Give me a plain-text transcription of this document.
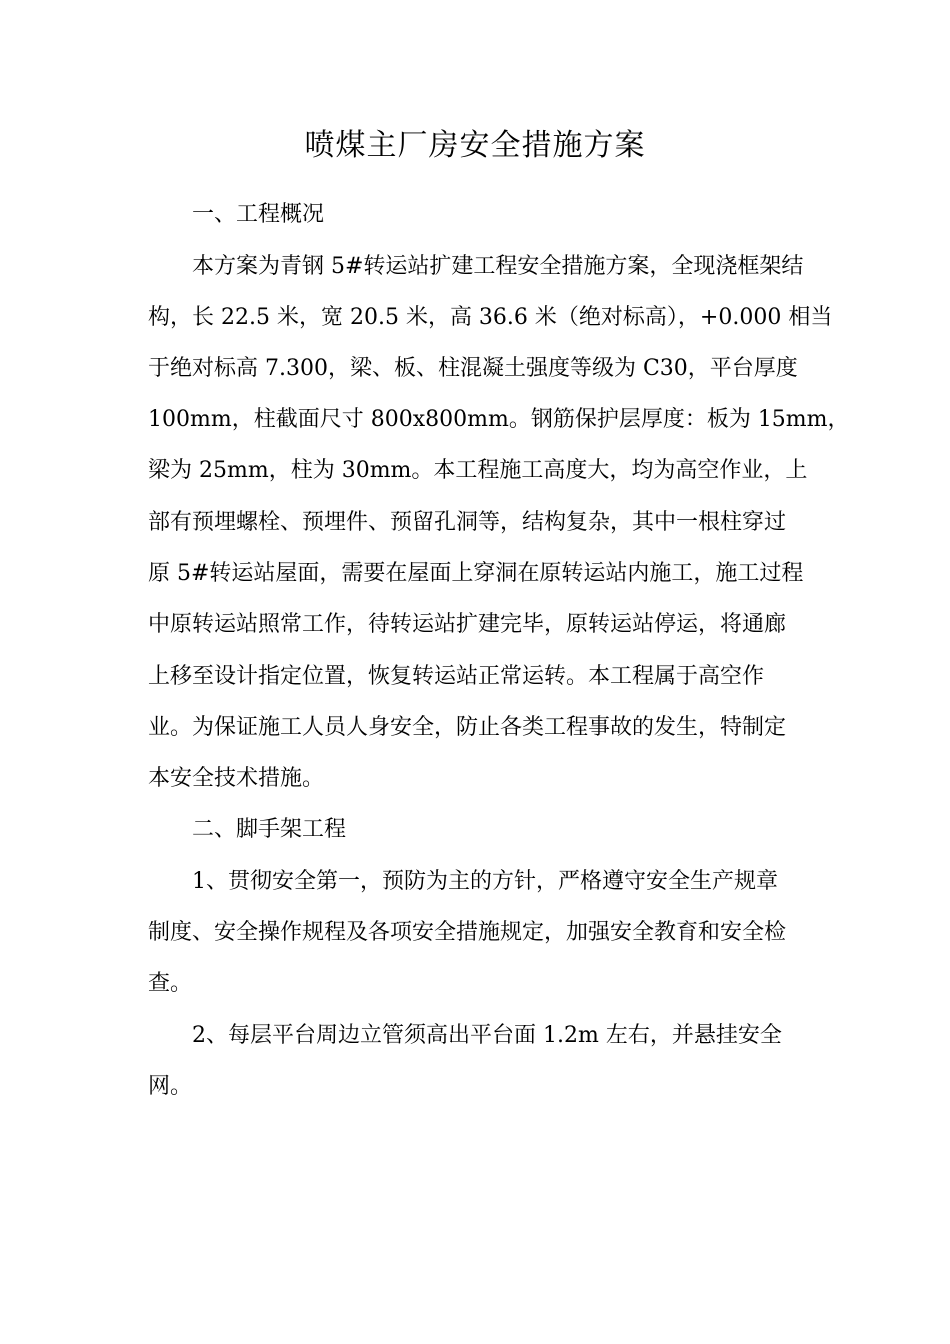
喷煤主厂房安全措施方案

一、工程概况

本方案为青钢 5#转运站扩建工程安全措施方案，全现浇框架结

构，长 22.5 米，宽 20.5 米，高 36.6 米（绝对标高），+0.000 相当

于绝对标高 7.300，梁、板、柱混凝土强度等级为 C30，平台厚度

100mm，柱截面尺寸 800x800mm。钢筋保护层厚度：板为 15mm，

梁为 25mm，柱为 30mm。本工程施工高度大，均为高空作业，上

部有预埋螺栓、预埋件、预留孔洞等，结构复杂，其中一根柱穿过

原 5#转运站屋面，需要在屋面上穿洞在原转运站内施工，施工过程

中原转运站照常工作，待转运站扩建完毕，原转运站停运，将通廊

上移至设计指定位置，恢复转运站正常运转。本工程属于高空作

业。为保证施工人员人身安全，防止各类工程事故的发生，特制定

本安全技术措施。

二、脚手架工程

1、贯彻安全第一，预防为主的方针，严格遵守安全生产规章

制度、安全操作规程及各项安全措施规定，加强安全教育和安全检

查。

2、每层平台周边立管须高出平台面 1.2m 左右，并悬挂安全

网。
